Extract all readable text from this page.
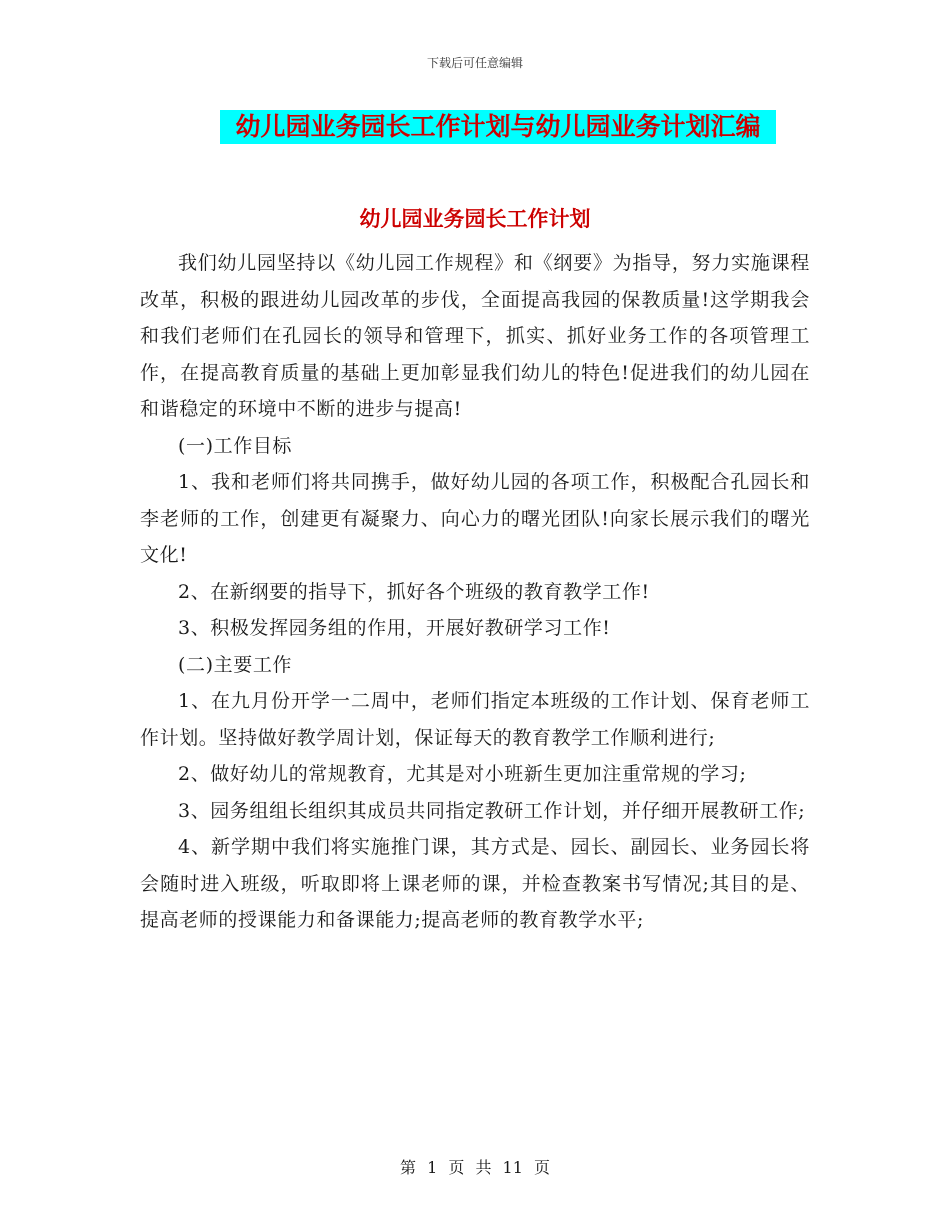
下载后可任意编辑
幼儿园业务园长工作计划与幼儿园业务计划汇编
幼儿园业务园长工作计划

我们幼儿园坚持以《幼儿园工作规程》和《纲要》为指导，努力实施课程改革，积极的跟进幼儿园改革的步伐，全面提高我园的保教质量!这学期我会和我们老师们在孔园长的领导和管理下，抓实、抓好业务工作的各项管理工作，在提高教育质量的基础上更加彰显我们幼儿的特色!促进我们的幼儿园在和谐稳定的环境中不断的进步与提高!

(一)工作目标

1、我和老师们将共同携手，做好幼儿园的各项工作，积极配合孔园长和李老师的工作，创建更有凝聚力、向心力的曙光团队!向家长展示我们的曙光文化!

2、在新纲要的指导下，抓好各个班级的教育教学工作!

3、积极发挥园务组的作用，开展好教研学习工作!

(二)主要工作

1、在九月份开学一二周中，老师们指定本班级的工作计划、保育老师工作计划。坚持做好教学周计划，保证每天的教育教学工作顺利进行;

2、做好幼儿的常规教育，尤其是对小班新生更加注重常规的学习;

3、园务组组长组织其成员共同指定教研工作计划，并仔细开展教研工作;

4、新学期中我们将实施推门课，其方式是、园长、副园长、业务园长将会随时进入班级，听取即将上课老师的课，并检查教案书写情况;其目的是、提高老师的授课能力和备课能力;提高老师的教育教学水平;

第 1 页 共 11 页
